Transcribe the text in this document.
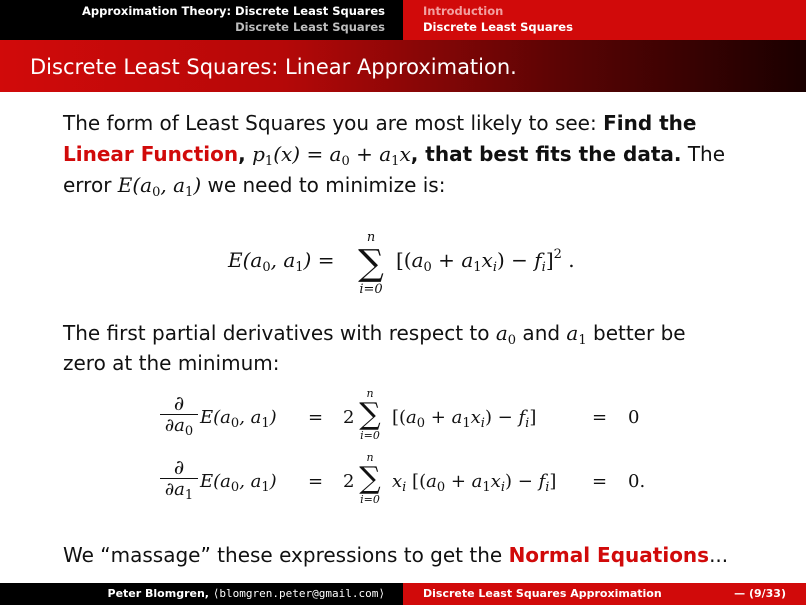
Approximation Theory: Discrete Least Squares
Discrete Least Squares
Introduction
Discrete Least Squares
Discrete Least Squares: Linear Approximation.

The form of Least Squares you are most likely to see: Find the
Linear Function, $p_1(x) = a_0 + a_1x$, that best fits the data. The
error $E(a_0$, $a_1$) we need to minimize is:

$E(a_0$, $a_1$) =
n
∑
i=0
$[(a_0 + a_1x_i) - f_i]^2$ .
The first partial derivatives with respect to $a_0$ and $a_1$ better be
zero at the minimum:
∂
$\partial a_0$
$E(a_0$, $a_1) = 2$
n
∑
i=0
$[(a_0 + a_1x_i) - f_i]$	= 0
∂
$\partial a_1$
$E(a_0$, $a_1) = 2$
n
∑
i=0
$x_i$ $[(a_0 + a_1x_i) - f_i] = 0$.
We “massage” these expressions to get the Normal Equations...
Peter Blomgren, ⟨blomgren.peter@gmail.com⟩	Discrete Least Squares Approximation	— (9/33)
